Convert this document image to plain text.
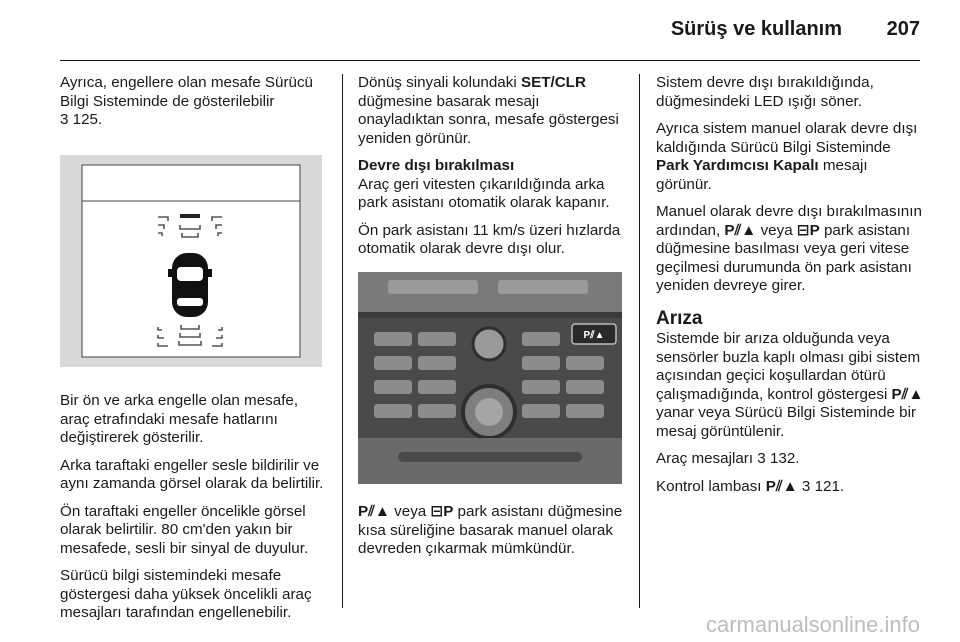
Sürüş ve kullanım 207

Ayrıca, engellere olan mesafe Sürücü Bilgi Sisteminde de gösterilebilir
3 125.

Bir ön ve arka engelle olan mesafe, araç etrafındaki mesafe hatlarını değiştirerek gösterilir.

Arka taraftaki engeller sesle bildirilir ve aynı zamanda görsel olarak da belirtilir.

Ön taraftaki engeller öncelikle görsel olarak belirtilir. 80 cm'den yakın bir mesafede, sesli bir sinyal de duyulur.

Sürücü bilgi sistemindeki mesafe göstergesi daha yüksek öncelikli araç mesajları tarafından engellenebilir.

Dönüş sinyali kolundaki SET/CLR düğmesine basarak mesajı onayladıktan sonra, mesafe göstergesi yeniden görünür.

Devre dışı bırakılması

Araç geri vitesten çıkarıldığında arka park asistanı otomatik olarak kapanır.

Ön park asistanı 11 km/s üzeri hızlarda otomatik olarak devre dışı olur.

P⫽▲

P⫽▲ veya ⊟P park asistanı düğmesine kısa süreliğine basarak manuel olarak devreden çıkarmak mümkündür.

Sistem devre dışı bırakıldığında, düğmesindeki LED ışığı söner.

Ayrıca sistem manuel olarak devre dışı kaldığında Sürücü Bilgi Sisteminde Park Yardımcısı Kapalı mesajı görünür.

Manuel olarak devre dışı bırakılmasının ardından, P⫽▲ veya ⊟P park asistanı düğmesine basılması veya geri vitese geçilmesi durumunda ön park asistanı yeniden devreye girer.

Arıza

Sistemde bir arıza olduğunda veya sensörler buzla kaplı olması gibi sistem açısından geçici koşullardan ötürü çalışmadığında, kontrol göstergesi P⫽▲ yanar veya Sürücü Bilgi Sisteminde bir mesaj görüntülenir.

Araç mesajları 3 132.

Kontrol lambası P⫽▲ 3 121.

carmanualsonline.info
